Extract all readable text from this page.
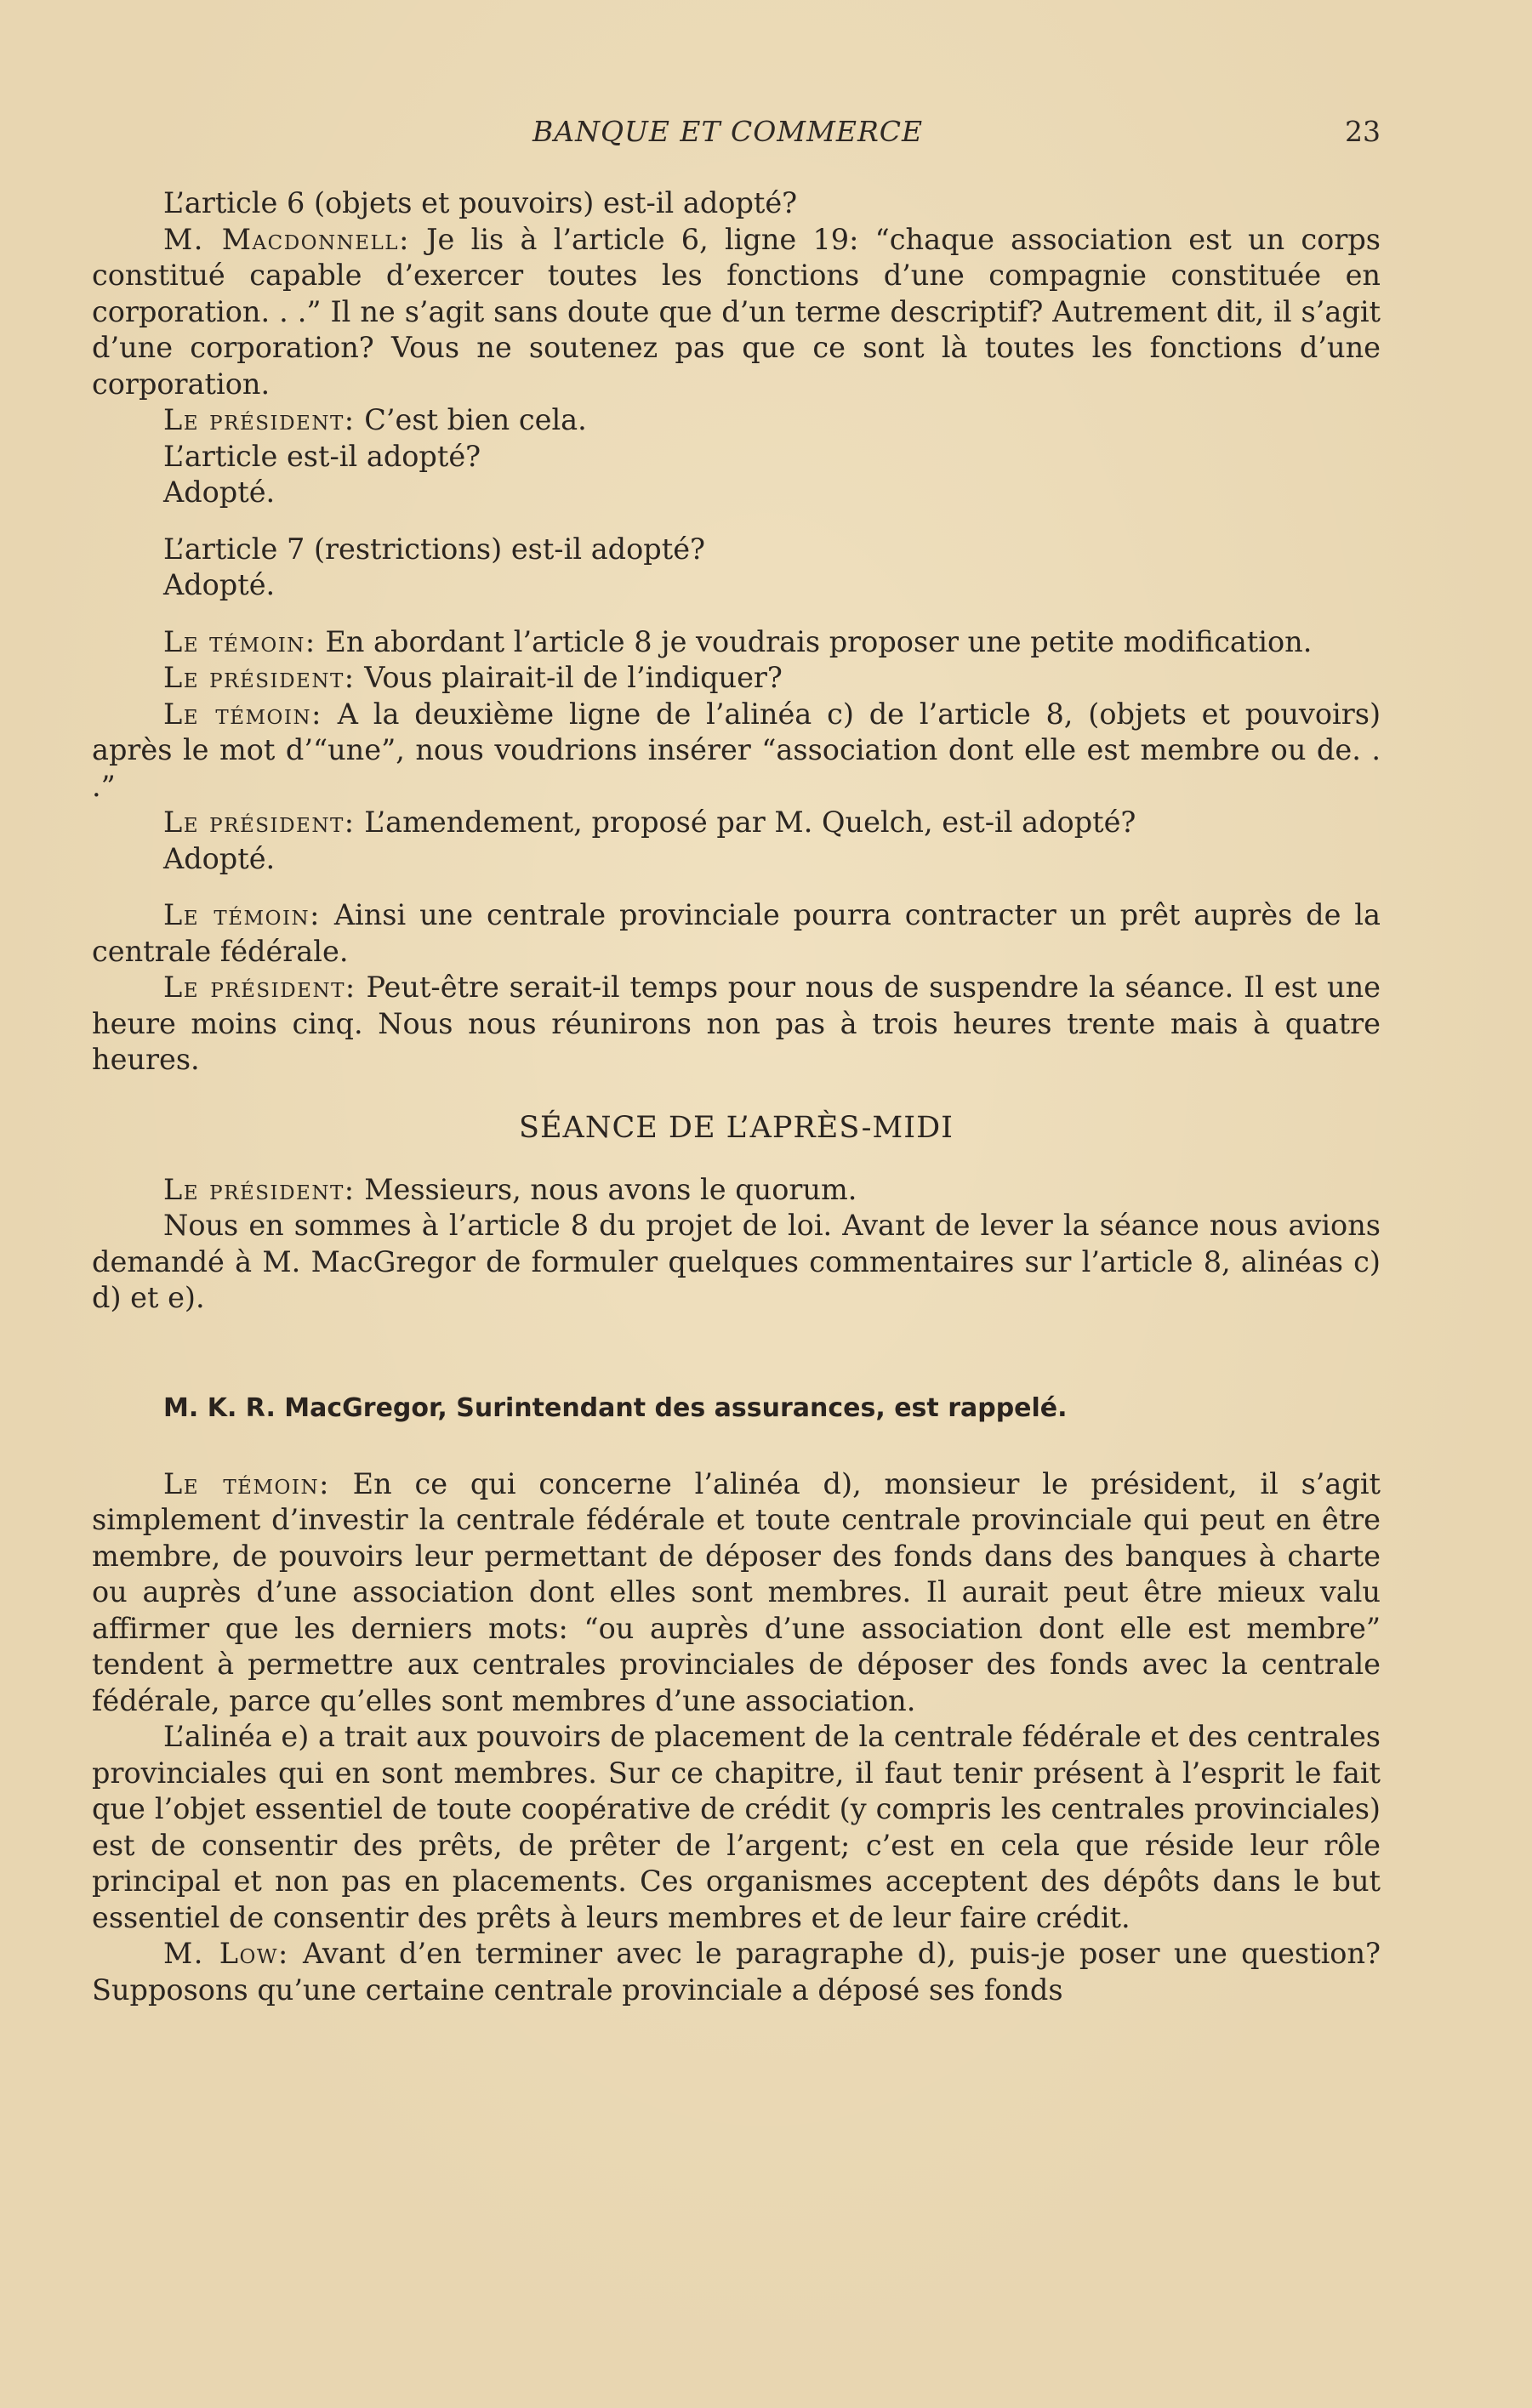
BANQUE ET COMMERCE	23

L’article 6 (objets et pouvoirs) est-il adopté?

M. Macdonnell: Je lis à l’article 6, ligne 19: “chaque association est un corps constitué capable d’exercer toutes les fonctions d’une compagnie constituée en corporation. . .” Il ne s’agit sans doute que d’un terme descriptif? Autrement dit, il s’agit d’une corporation? Vous ne soutenez pas que ce sont là toutes les fonctions d’une corporation.

Le président: C’est bien cela.

L’article est-il adopté?

Adopté.

L’article 7 (restrictions) est-il adopté?

Adopté.

Le témoin: En abordant l’article 8 je voudrais proposer une petite modification.

Le président: Vous plairait-il de l’indiquer?

Le témoin: A la deuxième ligne de l’alinéa c) de l’article 8, (objets et pouvoirs) après le mot d’“une”, nous voudrions insérer “association dont elle est membre ou de. . .”

Le président: L’amendement, proposé par M. Quelch, est-il adopté?

Adopté.

Le témoin: Ainsi une centrale provinciale pourra contracter un prêt auprès de la centrale fédérale.

Le président: Peut-être serait-il temps pour nous de suspendre la séance. Il est une heure moins cinq. Nous nous réunirons non pas à trois heures trente mais à quatre heures.

SÉANCE DE L’APRÈS-MIDI

Le président: Messieurs, nous avons le quorum.

Nous en sommes à l’article 8 du projet de loi. Avant de lever la séance nous avions demandé à M. MacGregor de formuler quelques commentaires sur l’article 8, alinéas c) d) et e).

M. K. R. MacGregor, Surintendant des assurances, est rappelé.

Le témoin: En ce qui concerne l’alinéa d), monsieur le président, il s’agit simplement d’investir la centrale fédérale et toute centrale provinciale qui peut en être membre, de pouvoirs leur permettant de déposer des fonds dans des banques à charte ou auprès d’une association dont elles sont membres. Il aurait peut être mieux valu affirmer que les derniers mots: “ou auprès d’une association dont elle est membre” tendent à permettre aux centrales provinciales de déposer des fonds avec la centrale fédérale, parce qu’elles sont membres d’une association.

L’alinéa e) a trait aux pouvoirs de placement de la centrale fédérale et des centrales provinciales qui en sont membres. Sur ce chapitre, il faut tenir présent à l’esprit le fait que l’objet essentiel de toute coopérative de crédit (y compris les centrales provinciales) est de consentir des prêts, de prêter de l’argent; c’est en cela que réside leur rôle principal et non pas en placements. Ces organismes acceptent des dépôts dans le but essentiel de consentir des prêts à leurs membres et de leur faire crédit.

M. Low: Avant d’en terminer avec le paragraphe d), puis-je poser une question? Supposons qu’une certaine centrale provinciale a déposé ses fonds
